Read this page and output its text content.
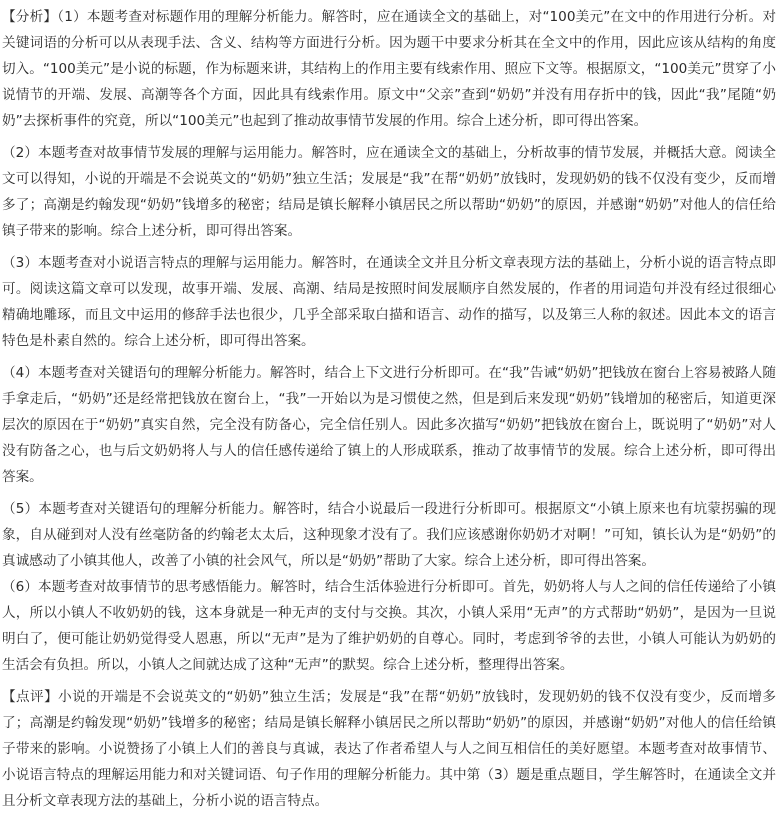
【分析】（1）本题考查对标题作用的理解分析能力。解答时，应在通读全文的基础上，对“100美元”在文中的作用进行分析。对关键词语的分析可以从表现手法、含义、结构等方面进行分析。因为题干中要求分析其在全文中的作用，因此应该从结构的角度切入。“100美元”是小说的标题，作为标题来讲，其结构上的作用主要有线索作用、照应下文等。根据原文，“100美元”贯穿了小说情节的开端、发展、高潮等各个方面，因此具有线索作用。原文中“父亲”查到“奶奶”并没有用存折中的钱，因此“我”尾随“奶奶”去探析事件的究竟，所以“100美元”也起到了推动故事情节发展的作用。综合上述分析，即可得出答案。

（2）本题考查对故事情节发展的理解与运用能力。解答时，应在通读全文的基础上，分析故事的情节发展，并概括大意。阅读全文可以得知，小说的开端是不会说英文的“奶奶”独立生活；发展是“我”在帮“奶奶”放钱时，发现奶奶的钱不仅没有变少，反而增多了；高潮是约翰发现“奶奶”钱增多的秘密；结局是镇长解释小镇居民之所以帮助“奶奶”的原因，并感谢“奶奶”对他人的信任给镇子带来的影响。综合上述分析，即可得出答案。

（3）本题考查对小说语言特点的理解与运用能力。解答时，在通读全文并且分析文章表现方法的基础上，分析小说的语言特点即可。阅读这篇文章可以发现，故事开端、发展、高潮、结局是按照时间发展顺序自然发展的，作者的用词造句并没有经过很细心精确地雕琢，而且文中运用的修辞手法也很少，几乎全部采取白描和语言、动作的描写，以及第三人称的叙述。因此本文的语言特色是朴素自然的。综合上述分析，即可得出答案。

（4）本题考查对关键语句的理解分析能力。解答时，结合上下文进行分析即可。在“我”告诫“奶奶”把钱放在窗台上容易被路人随手拿走后，“奶奶”还是经常把钱放在窗台上，“我”一开始以为是习惯使之然，但是到后来发现“奶奶”钱增加的秘密后，知道更深层次的原因在于“奶奶”真实自然，完全没有防备心，完全信任别人。因此多次描写“奶奶”把钱放在窗台上，既说明了“奶奶”对人没有防备之心，也与后文奶奶将人与人的信任感传递给了镇上的人形成联系，推动了故事情节的发展。综合上述分析，即可得出答案。

（5）本题考查对关键语句的理解分析能力。解答时，结合小说最后一段进行分析即可。根据原文“小镇上原来也有坑蒙拐骗的现象，自从碰到对人没有丝毫防备的约翰老太太后，这种现象才没有了。我们应该感谢你奶奶才对啊！”可知，镇长认为是“奶奶”的真诚感动了小镇其他人，改善了小镇的社会风气，所以是“奶奶”帮助了大家。综合上述分析，即可得出答案。

（6）本题考查对故事情节的思考感悟能力。解答时，结合生活体验进行分析即可。首先，奶奶将人与人之间的信任传递给了小镇人，所以小镇人不收奶奶的钱，这本身就是一种无声的支付与交换。其次，小镇人采用“无声”的方式帮助“奶奶”，是因为一旦说明白了，便可能让奶奶觉得受人恩惠，所以“无声”是为了维护奶奶的自尊心。同时，考虑到爷爷的去世，小镇人可能认为奶奶的生活会有负担。所以，小镇人之间就达成了这种“无声”的默契。综合上述分析，整理得出答案。

【点评】小说的开端是不会说英文的“奶奶”独立生活；发展是“我”在帮“奶奶”放钱时，发现奶奶的钱不仅没有变少，反而增多了；高潮是约翰发现“奶奶”钱增多的秘密；结局是镇长解释小镇居民之所以帮助“奶奶”的原因，并感谢“奶奶”对他人的信任给镇子带来的影响。小说赞扬了小镇上人们的善良与真诚，表达了作者希望人与人之间互相信任的美好愿望。本题考查对故事情节、小说语言特点的理解运用能力和对关键词语、句子作用的理解分析能力。其中第（3）题是重点题目，学生解答时，在通读全文并且分析文章表现方法的基础上，分析小说的语言特点。
